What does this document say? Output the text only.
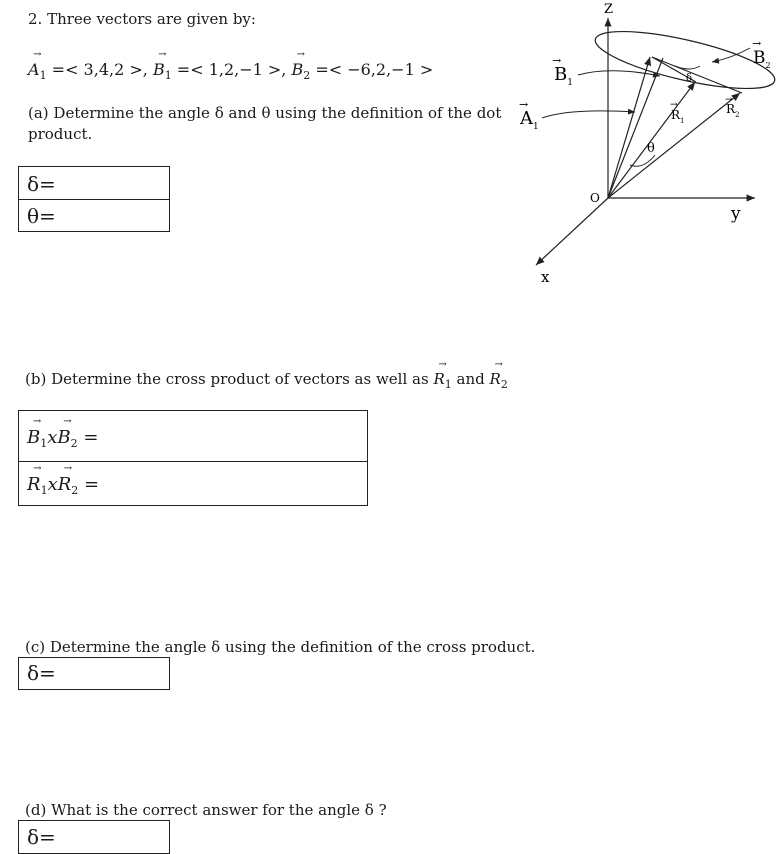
2. Three vectors are given by:
→ $A_1 =< 3,4,2$ >, → $B_1 =< 1,2,-1$ >, → $B_2 =< -6,2,-1$ >
(a) Determine the angle δ and θ using the definition of the dot
product.
δ=
θ=
(b) Determine the cross product of vectors as well as → $R_1$ and → $R_2$
→ $B_1x\to B_2$ =
→ $R_1x\to R_2$ =
(c) Determine the angle δ using the definition of the cross product.
δ=
(d) What is the correct answer for the angle δ ?
δ=
Z
y
x
O
$B_1$
→
$A_1$
→
$B_2$
→
$R_1$
→	$R_2$
→
θ
δ
